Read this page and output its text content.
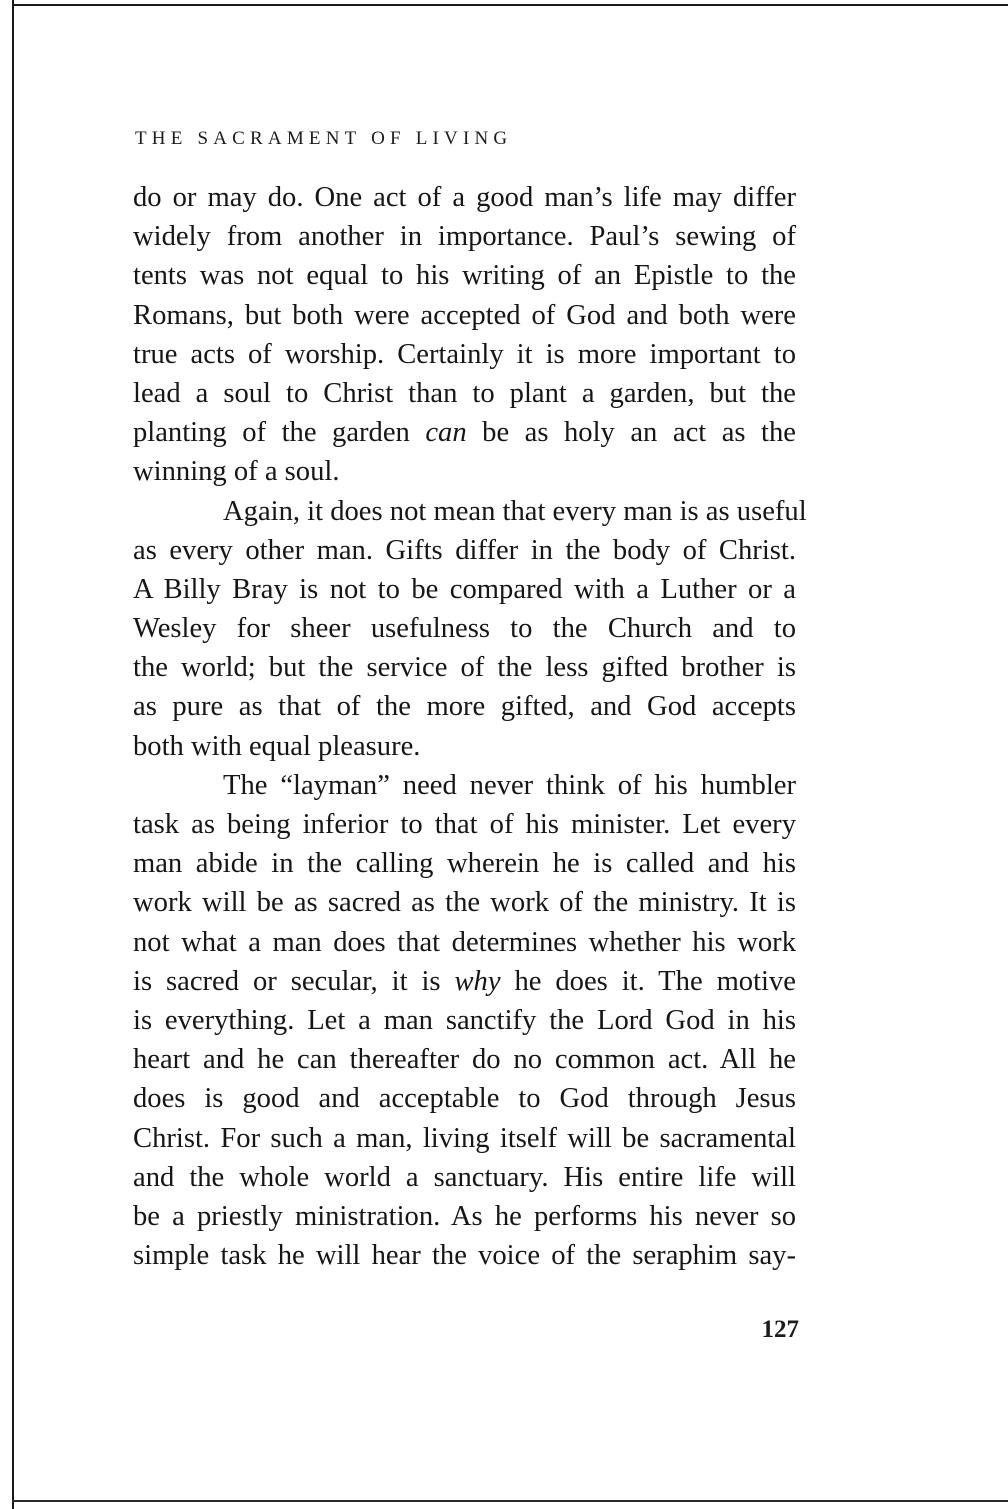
THE SACRAMENT OF LIVING
do or may do. One act of a good man’s life may differ
widely from another in importance. Paul’s sewing of
tents was not equal to his writing of an Epistle to the
Romans, but both were accepted of God and both were
true acts of worship. Certainly it is more important to
lead a soul to Christ than to plant a garden, but the
planting of the garden can be as holy an act as the
winning of a soul.
Again, it does not mean that every man is as useful
as every other man. Gifts differ in the body of Christ.
A Billy Bray is not to be compared with a Luther or a
Wesley for sheer usefulness to the Church and to
the world; but the service of the less gifted brother is
as pure as that of the more gifted, and God accepts
both with equal pleasure.
The “layman” need never think of his humbler
task as being inferior to that of his minister. Let every
man abide in the calling wherein he is called and his
work will be as sacred as the work of the ministry. It is
not what a man does that determines whether his work
is sacred or secular, it is why he does it. The motive
is everything. Let a man sanctify the Lord God in his
heart and he can thereafter do no common act. All he
does is good and acceptable to God through Jesus
Christ. For such a man, living itself will be sacramental
and the whole world a sanctuary. His entire life will
be a priestly ministration. As he performs his never so
simple task he will hear the voice of the seraphim say-
127
